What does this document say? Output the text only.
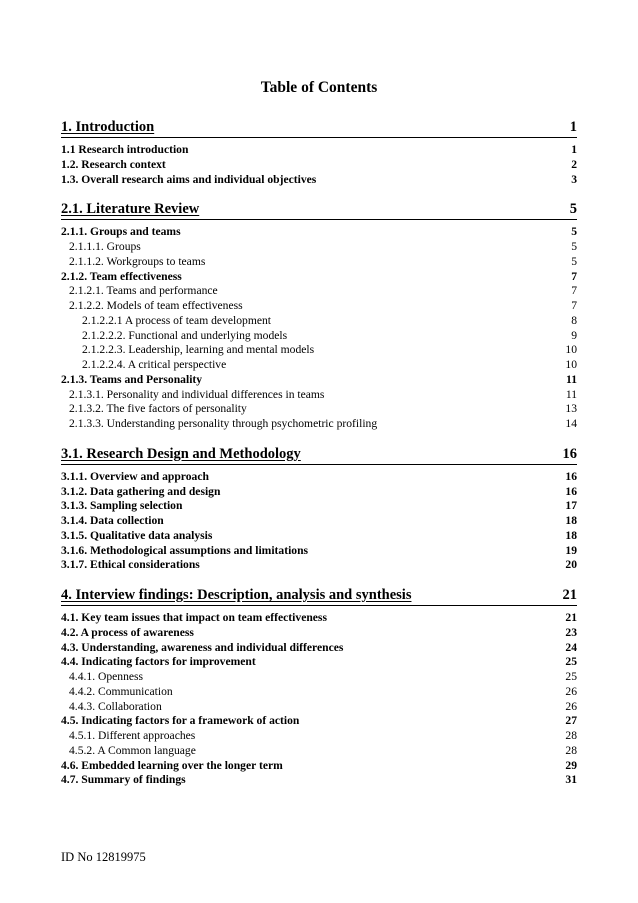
Table of Contents
1. Introduction	1
1.1 Research introduction	1
1.2. Research context	2
1.3. Overall research aims and individual objectives	3
2.1. Literature Review	5
2.1.1. Groups and teams	5
2.1.1.1. Groups	5
2.1.1.2. Workgroups to teams	5
2.1.2. Team effectiveness	7
2.1.2.1. Teams and performance	7
2.1.2.2. Models of team effectiveness	7
2.1.2.2.1 A process of team development	8
2.1.2.2.2. Functional and underlying models	9
2.1.2.2.3. Leadership, learning and mental models	10
2.1.2.2.4. A critical perspective	10
2.1.3. Teams and Personality	11
2.1.3.1. Personality and individual differences in teams	11
2.1.3.2. The five factors of personality	13
2.1.3.3. Understanding personality through psychometric profiling	14
3.1. Research Design and Methodology	16
3.1.1. Overview and approach	16
3.1.2. Data gathering and design	16
3.1.3. Sampling selection	17
3.1.4. Data collection	18
3.1.5. Qualitative data analysis	18
3.1.6. Methodological assumptions and limitations	19
3.1.7. Ethical considerations	20
4. Interview findings: Description, analysis and synthesis	21
4.1. Key team issues that impact on team effectiveness	21
4.2. A process of awareness	23
4.3. Understanding, awareness and individual differences	24
4.4. Indicating factors for improvement	25
4.4.1. Openness	25
4.4.2. Communication	26
4.4.3. Collaboration	26
4.5. Indicating factors for a framework of action	27
4.5.1. Different approaches	28
4.5.2. A Common language	28
4.6. Embedded learning over the longer term	29
4.7. Summary of findings	31
ID No 12819975
